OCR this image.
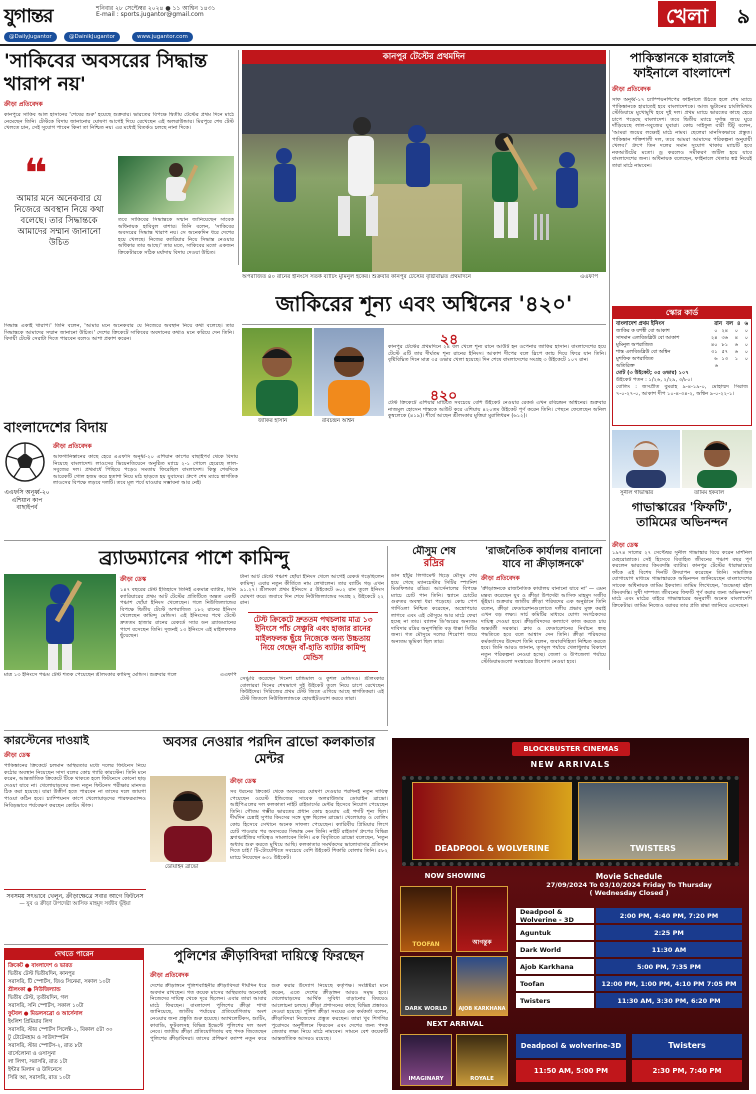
যুগান্তর	শনিবার ২৮ সেপ্টেম্বর ২০২৪ ● ১১ আশ্বিন ১৪৩১
E-mail : sports.jugantor@gmail.com	খেলা	৯
@DailyJugantor	@DainikJugantor	www.jugantor.com
'সাকিবের অবসরের সিদ্ধান্ত খারাপ নয়'
ক্রীড়া প্রতিবেদক
কানপুরে সাকিব আল হাসানের 'শেষের শুরু' হয়েছে শুক্রবার। ভারতের বিপক্ষে দ্বিতীয় টেস্টের প্রথম দিনে মাঠে নেমেছেন তিনি। টেস্টকে বিদায় জানানোর ঘোষণা আগেই দিয়ে রেখেছেন এই অলরাউন্ডার। মিরপুরে শেষ টেস্ট খেলতে চান, সেই সুযোগ পাবেন কিনা তা নিশ্চিত নয়। এর মধ্যেই বিতর্কও চলছে নানা দিকে।
❝
আমার মনে অনেকবার যে নিজেরে অবস্থান নিয়ে কথা বলেছে। তার সিদ্ধান্তকে আমাদের সম্মান জানানো উচিত
তবে সাকিবের সিদ্ধান্তকে সম্মান জানিয়েছেন সাবেক অধিনায়ক হাবিবুল বাশার। তিনি বলেন, 'সাকিবের অবসরের সিদ্ধান্ত খারাপ নয়। সে অনেকদিন ধরে দেশের হয়ে খেলছে। নিজের ক্যারিয়ার নিয়ে সিদ্ধান্ত নেওয়ার অধিকার তার আছে।' তার মতে, সাকিবের মতো একজন ক্রিকেটারকে সঠিক মর্যাদায় বিদায় দেওয়া উচিত।
সিদ্ধান্ত একাই খারাপ।' তিনি বলেন, 'আমার মনে অনেকবার যে নিজেরে অবস্থান নিয়ে কথা বলেছে। তার সিদ্ধান্তকে আমাদের সম্মান জানানো উচিত।' দেশের ক্রিকেটে সাকিবের অবদানের কথাও মনে করিয়ে দেন তিনি। বিদায়ী টেস্টে সেরাটা দিতে পারবেন বলেও আশা প্রকাশ করেন।
কানপুর টেস্টের প্রথমদিন
অপরাজিত ৪০ রানের ইনিংসে সতর্ক ব্যাটিং মুমিনুল হকের। শুক্রবার কানপুর টেস্টের বৃষ্টিবিঘ্নিত প্রথমদিনে	এএফপি
জাকিরের শূন্য এবং অশ্বিনের '৪২০'
জাকির হাসান	রবিচন্দ্রন অশ্বিন
২৪
কানপুর টেস্টের প্রথমদিনে ২৪ বল খেলে শূন্য রানে আউট হন ওপেনার জাকির হাসান। বাংলাদেশের হয়ে টেস্টে এটি তার দীর্ঘতম শূন্য রানের ইনিংস। আকাশ দীপের বলে স্লিপে ক্যাচ দিয়ে ফিরে যান তিনি। বৃষ্টিবিঘ্নিত দিনে মাত্র ৩৫ ওভার খেলা হয়েছে। দিন শেষে বাংলাদেশের সংগ্রহ ৩ উইকেটে ১০৭ রান।
৪২০
টেস্ট ক্রিকেটে এশিয়ার মাটিতে সবচেয়ে বেশি উইকেট নেওয়ার রেকর্ড এখন রবিচন্দ্রন অশ্বিনের। শুক্রবার নাজমুল হোসেন শান্তকে আউট করে এশিয়ায় ৪২০তম উইকেট পূর্ণ করেন তিনি। পেছনে ফেলেছেন অনিল কুম্বলেকে (৪১৯)। শীর্ষে আছেন শ্রীলংকার মুত্তিয়া মুরালিধরন (৬১২)।
পাকিস্তানকে হারালেই ফাইনালে বাংলাদেশ
ক্রীড়া প্রতিবেদক
সাফ অনূর্ধ্ব-১৭ চ্যাম্পিয়নশিপের ফাইনালে উঠতে হলে শেষ ম্যাচে পাকিস্তানকে হারাতেই হবে বাংলাদেশকে। আজ ভুটানের চাংলিমিথাং স্টেডিয়ামে মুখোমুখি হবে দুই দল। প্রথম ম্যাচে ভারতের কাছে হেরে চাপে পড়েছে বাংলাদেশ। তবে দ্বিতীয় ম্যাচে দুর্দান্ত জয়ে ঘুরে দাঁড়িয়েছে লাল-সবুজের যুবারা। কোচ সাইফুল বারী টিটু বলেন, 'আমরা জয়ের লক্ষ্যেই মাঠে নামব। ছেলেরা মানসিকভাবে প্রস্তুত। পাকিস্তান শক্তিশালী দল, তবে আমরা আমাদের পরিকল্পনা অনুযায়ী খেলব।' গ্রুপে তিন দলের সমান সুযোগ থাকায় ম্যাচটি হবে নকআউটের মতো। ড্র করলেও সমীকরণ জটিল হয়ে যাবে বাংলাদেশের জন্য। অধিনায়ক বলেছেন, ফাইনালে খেলার স্বপ্ন নিয়েই তারা মাঠে নামবেন।
স্কোর কার্ড
বাংলাদেশ প্রথম ইনিংস	রান বল ৪ ৬
জাকির ক যশস্বী বো আকাশ	০ ২৪	০	০
সাদমান এলবিডব্লিউ বো আকাশ	২৪ ৩৬	৪	০
মুমিনুল অপরাজিত	৪০ ৮১	৬	০
শান্ত এলবিডব্লিউ বো অশ্বিন	৩১ ৫৭	৬	০
মুশফিক অপরাজিত	৬ ১৩	১	০
অতিরিক্ত	৬
মোট (৩ উইকেট; ৩৫ ওভার) ১০৭
উইকেট পতন : ১/২৬, ২/২৯, ৩/৮০।
বোলিং : জসপ্রীত বুমরাহ ৯-৪-১৯-০, মোহাম্মদ সিরাজ ৭-০-২৭-০, আকাশ দীপ ১০-৪-৩৪-২, অশ্বিন ৯-০-২২-১।
বাংলাদেশের বিদায়
এএফসি অনূর্ধ্ব-২০ এশিয়ান কাপ বাছাইপর্ব
ক্রীড়া প্রতিবেদক
আফগানিস্তানের কাছে হেরে এএফসি অনূর্ধ্ব-২০ এশিয়ান কাপের বাছাইপর্ব থেকে বিদায় নিয়েছে বাংলাদেশ। লাওসের ভিয়েনতিয়েনে অনুষ্ঠিত ম্যাচে ২-১ গোলে হেরেছে লাল-সবুজের দল। প্রথমার্ধে পিছিয়ে পড়েও সমতায় ফিরেছিল বাংলাদেশ। কিন্তু শেষদিকে আরেকটি গোল হজম করে হতাশা নিয়ে মাঠ ছাড়তে হয় যুবাদের। গ্রুপে শেষ ম্যাচে স্বাগতিক লাওসের বিপক্ষে লড়বে দলটি। তবে মূল পর্বে যাওয়ার সম্ভাবনা আর নেই।
সুনীল গাভাস্কার	তামিম ইকবাল
গাভাস্কারের 'ফিফটি', তামিমের অভিনন্দন
ক্রীড়া ডেস্ক
১৯৭৪ সালের ২৭ সেপ্টেম্বর সুনীল গাভাস্কার বিয়ে করেন মার্শনিল মেহরোত্রাকে। সেই হিসেবে বিবাহিত জীবনের পঞ্চাশ বছর পূর্ণ করলেন ভারতের কিংবদন্তি ব্যাটার। কানপুর টেস্টের ধারাভাষ্যের ফাঁকে এই বিশেষ দিনটি উদযাপন করেছেন তিনি। সামাজিক যোগাযোগ মাধ্যমে গাভাস্কারকে অভিনন্দন জানিয়েছেন বাংলাদেশের সাবেক অধিনায়ক তামিম ইকবাল। তামিম লিখেছেন, 'শুভেচ্ছা রইল কিংবদন্তি। সুখী দাম্পত্য জীবনের ফিফটি পূর্ণ করার জন্য অভিনন্দন।' মাঠে এবং মাঠের বাইরে গাভাস্কারের অনুরাগী অনেক বাংলাদেশি ক্রিকেটার। তামিম নিজেও বরাবর তার প্রতি শ্রদ্ধা জানিয়ে এসেছেন।
ব্র্যাডম্যানের পাশে কামিন্দু
মাত্র ১৩ ইনিংসে পঞ্চম টেস্ট শতক পেয়েছেন শ্রীলংকার কামিন্দু মেন্ডিস। শুক্রবার গলে	এএফপি
ক্রীড়া ডেস্ক
১৪৭ বছরের টেস্ট ইতিহাসে তিনিই একমাত্র ব্যাটার, যিনি ক্যারিয়ারের প্রথম আট টেস্টের প্রতিটিতে অন্তত একটি পঞ্চাশ ছোঁয়া ইনিংস খেলেছেন। গলে নিউজিল্যান্ডের বিপক্ষে দ্বিতীয় টেস্টে অপরাজিত ১৮২ রানের ইনিংস খেলেছেন কামিন্দু মেন্ডিস। এই ইনিংসের পথে টেস্টে দ্রুততম হাজার রানের রেকর্ডে স্যার ডন ব্র্যাডম্যানের পাশে বসেছেন তিনি। দুজনই ১৩ ইনিংসে এই মাইলফলক ছুঁয়েছেন।
টানা আট টেস্টে পঞ্চাশ ছোঁয়া ইনিংস খেলে আগেই রেকর্ড গড়েছিলেন কামিন্দু। এবার নতুন কীর্তিতে নাম লেখালেন। তার ব্যাটিং গড় এখন ৯১.২৭। শ্রীলংকা প্রথম ইনিংসে ৫ উইকেটে ৬০২ রান তুলে ইনিংস ঘোষণা করে। জবাবে দিন শেষে নিউজিল্যান্ডের সংগ্রহ ২ উইকেটে ২২ রান।
টেস্ট ক্রিকেটে দ্রুততম পথচলায় মাত্র ১৩ ইনিংসে পাঁচ সেঞ্চুরি এবং হাজার রানের মাইলফলক ছুঁয়ে নিজেকে অন্য উচ্চতায় নিয়ে গেছেন বাঁ-হাতি ব্যাটার কামিন্দু মেন্ডিস
সেঞ্চুরি করেছেন দিনেশ চান্ডিমাল ও কুশল মেন্ডিসও। শ্রীলংকার বোলাররা দিনের শেষভাগে দুই উইকেট তুলে নিয়ে চাপে রেখেছেন কিউইদের। সিরিজের প্রথম টেস্ট জিতে এগিয়ে আছে স্বাগতিকরা। এই টেস্ট জিতলে নিউজিল্যান্ডকে হোয়াইটওয়াশ করবে তারা।
মৌসুম শেষ
রদ্রির
ডান হাঁটুর লিগামেন্ট ছিঁড়ে মৌসুম শেষ হয়ে গেছে ম্যানচেস্টার সিটির স্প্যানিশ মিডফিল্ডার রদ্রির। আর্সেনালের বিপক্ষে ম্যাচে চোট পান তিনি। স্ক্যানে চোটের গুরুতর অবস্থা ধরা পড়েছে। কোচ পেপ গার্দিওলা নিশ্চিত করেছেন, অস্ত্রোপচার লাগবে এবং এই মৌসুমে আর মাঠে ফেরা হচ্ছে না তার। ব্যালন ডি'অরের অন্যতম দাবিদার রদ্রির অনুপস্থিতি বড় ধাক্কা সিটির জন্য। গত মৌসুমে দলের শিরোপা জয়ে অন্যতম ভূমিকা ছিল তার।
'রাজনৈতিক কার্যালয় বানানো যাবে না ক্রীড়াঙ্গনকে'
ক্রীড়া প্রতিবেদক
'ক্রীড়াঙ্গনকে রাজনৈতিক কার্যালয় বানানো যাবে না' — এমন মন্তব্য করেছেন যুব ও ক্রীড়া উপদেষ্টা আসিফ মাহমুদ সজীব ভূঁইয়া। শুক্রবার জাতীয় ক্রীড়া পরিষদের এক অনুষ্ঠানে তিনি বলেন, ক্রীড়া ফেডারেশনগুলোতে দলীয় প্রভাব মুক্ত করাই এখন বড় লক্ষ্য। সার্চ কমিটির মাধ্যমে যোগ্য সংগঠকদের দায়িত্ব দেওয়া হবে। ক্রীড়াবিদদের কল্যাণে কাজ করতে চায় অন্তর্বর্তী সরকার। ক্লাব ও ফেডারেশনের নির্বাচন স্বচ্ছ পদ্ধতিতে হবে বলে আশ্বাস দেন তিনি। ক্রীড়া পরিষদের কর্মকর্তাদের উদ্দেশে তিনি বলেন, জবাবদিহিতা নিশ্চিত করতে হবে। তিনি আরও জানান, তৃণমূল পর্যায়ে খেলাধুলার বিকাশে নতুন পরিকল্পনা নেওয়া হচ্ছে। জেলা ও উপজেলা পর্যায়ে স্টেডিয়ামগুলো সংস্কারের উদ্যোগ নেওয়া হবে।
কারস্টেনের দাওয়াই
ক্রীড়া ডেস্ক
পাকিস্তানের ক্রিকেটে চলমান অস্থিরতার মধ্যে দলের ফিটনেস নিয়ে কঠোর অবস্থান নিয়েছেন সাদা বলের কোচ গ্যারি কারস্টেন। তিনি মনে করেন, আন্তর্জাতিক ক্রিকেটে টিকে থাকতে হলে ফিটনেসে কোনো ছাড় দেওয়া যাবে না। খেলোয়াড়দের জন্য নতুন ফিটনেস পরীক্ষার মানদণ্ড ঠিক করা হয়েছে। যারা উত্তীর্ণ হতে পারবেন না তাদের দলে জায়গা পাওয়া কঠিন হবে। চ্যাম্পিয়নস কাপে খেলোয়াড়দের পারফরম্যান্সও নিবিড়ভাবে পর্যবেক্ষণ করছেন কোচিং স্টাফ।
সবসময় সৎভাবে খেলুন, ক্রীড়াক্ষেত্রে সবার আগে ফিটনেস
— যুব ও ক্রীড়া উপদেষ্টা আসিফ মাহমুদ সজীব ভূঁইয়া
অবসর নেওয়ার পরদিন ব্রাভো কলকাতার মেন্টর
ডোয়াইন ব্রাভো
ক্রীড়া ডেস্ক
সব ধরনের ক্রিকেট থেকে অবসরের ঘোষণা দেওয়ার পরদিনই নতুন দায়িত্ব পেয়েছেন ওয়েস্ট ইন্ডিজের সাবেক অলরাউন্ডার ডোয়াইন ব্রাভো। আইপিএলের দল কলকাতা নাইট রাইডার্সের মেন্টর হিসেবে নিয়োগ পেয়েছেন তিনি। গৌতম গম্ভীর ভারতের প্রধান কোচ হওয়ায় এই পদটি শূন্য ছিল। দীর্ঘদিন চেন্নাই সুপার কিংসের সঙ্গে যুক্ত ছিলেন ব্রাভো। খেলোয়াড় ও বোলিং কোচ হিসেবে সেখানে অনেক সাফল্য পেয়েছেন। ক্যারিবীয় প্রিমিয়ার লিগে চোট পাওয়ার পর অবসরের সিদ্ধান্ত নেন তিনি। নাইট রাইডার্স গ্রুপের বিভিন্ন ফ্র্যাঞ্চাইজির দায়িত্বও সামলাবেন তিনি। এক বিবৃতিতে ব্রাভো বলেছেন, 'নতুন অধ্যায় শুরু করতে মুখিয়ে আছি। কলকাতার সমর্থকদের ভালোবাসার প্রতিদান দিতে চাই।' টি-টোয়েন্টিতে সবচেয়ে বেশি উইকেট শিকারি বোলার তিনি। ৫৮২ ম্যাচে নিয়েছেন ৬৩১ উইকেট।
দেখতে পারেন
ক্রিকেট ● বাংলাদেশ ও ভারত
দ্বিতীয় টেস্ট দ্বিতীয়দিন, কানপুর
সরাসরি, টি স্পোর্টস, জিও সিনেমা, সকাল ১০টা
শ্রীলংকা ● নিউজিল্যান্ড
দ্বিতীয় টেস্ট, তৃতীয়দিন, গল
সরাসরি, সনি স্পোর্টস, সকাল ১০টা
ফুটবল ● মিডলসব্রো ও আর্সেনাল
ইংলিশ প্রিমিয়ার লিগ
সরাসরি, স্টার স্পোর্টস সিলেক্ট-১, বিকাল ৫টা ৩০
টু টোটেনহাম ও সাউদাম্পটন
সরাসরি, স্টার স্পোর্টস-২, রাত ৮টা
বার্সেলোনা ও ওসাসুনা
লা লিগা, সরাসরি, রাত ১টা
ইন্টার মিলান ও উদিনেসে
সিরি আ, সরাসরি, রাত ১০টা
পুলিশের ক্রীড়াবিদরা দায়িত্বে ফিরছেন
ক্রীড়া প্রতিবেদক
দেশের ক্রীড়াঙ্গনে পুলিশবাহিনীর ক্রীড়াবিদরা দীর্ঘদিন ধরে অবদান রাখছেন। গত কয়েক মাসের অস্থিরতায় অনেকেই নিজেদের দায়িত্ব থেকে দূরে ছিলেন। এবার তারা আবার মাঠে ফিরছেন। বাংলাদেশ পুলিশের ক্রীড়া শাখা জানিয়েছে, জাতীয় পর্যায়ের প্রতিযোগিতায় অংশ নেওয়ার জন্য প্রস্তুতি শুরু হয়েছে। অ্যাথলেটিকস, শ্যুটিং, কাবাডি, ফুটবলসহ বিভিন্ন ইভেন্টে পুলিশের দল অংশ নেবে। জাতীয় ক্রীড়া প্রতিযোগিতায় বহু পদক জিতেছেন পুলিশের ক্রীড়াবিদরা। তাদের প্রশিক্ষণ ক্যাম্প নতুন করে শুরু করার উদ্যোগ নিয়েছে কর্তৃপক্ষ। সংশ্লিষ্টরা মনে করেন, এতে দেশের ক্রীড়াঙ্গন আরও সমৃদ্ধ হবে। খেলোয়াড়দের আর্থিক সুবিধা বাড়ানোর বিষয়েও আলোচনা চলছে। ক্রীড়া প্রশাসনের কাছে বিভিন্ন প্রস্তাবও দেওয়া হয়েছে। পুলিশ ক্রীড়া সংঘের এক কর্মকর্তা বলেন, ক্রীড়াবিদরা নিজেদের প্রস্তুত করছেন। তারা খুব শিগগির পুরোদমে অনুশীলনে ফিরবেন এবং দেশের জন্য পদক জেতার লক্ষ্য নিয়ে মাঠে নামবেন। সামনে বেশ কয়েকটি আন্তর্জাতিক আসরও রয়েছে।
BLOCKBUSTER CINEMAS
NEW ARRIVALS
DEADPOOL & WOLVERINE	TWISTERS
NOW SHOWING
TOOFAN	আগন্তুক
DARK WORLD	AJOB KARKHANA
NEXT ARRIVAL
IMAGINARY	ROYALE
Movie Schedule
27/09/2024 To 03/10/2024 Friday To Thursday
( Wednesday Closed )
Deadpool & Wolverine - 3D	2:00 PM, 4:40 PM, 7:20 PM
Aguntuk	2:25 PM
Dark World	11:30 AM
Ajob Karkhana	5:00 PM, 7:35 PM
Toofan	12:00 PM, 1:00 PM, 4:10 PM 7:05 PM
Twisters	11:30 AM, 3:30 PM, 6:20 PM
Deadpool & wolverine-3D
11:50 AM, 5:00 PM
Twisters
2:30 PM, 7:40 PM
